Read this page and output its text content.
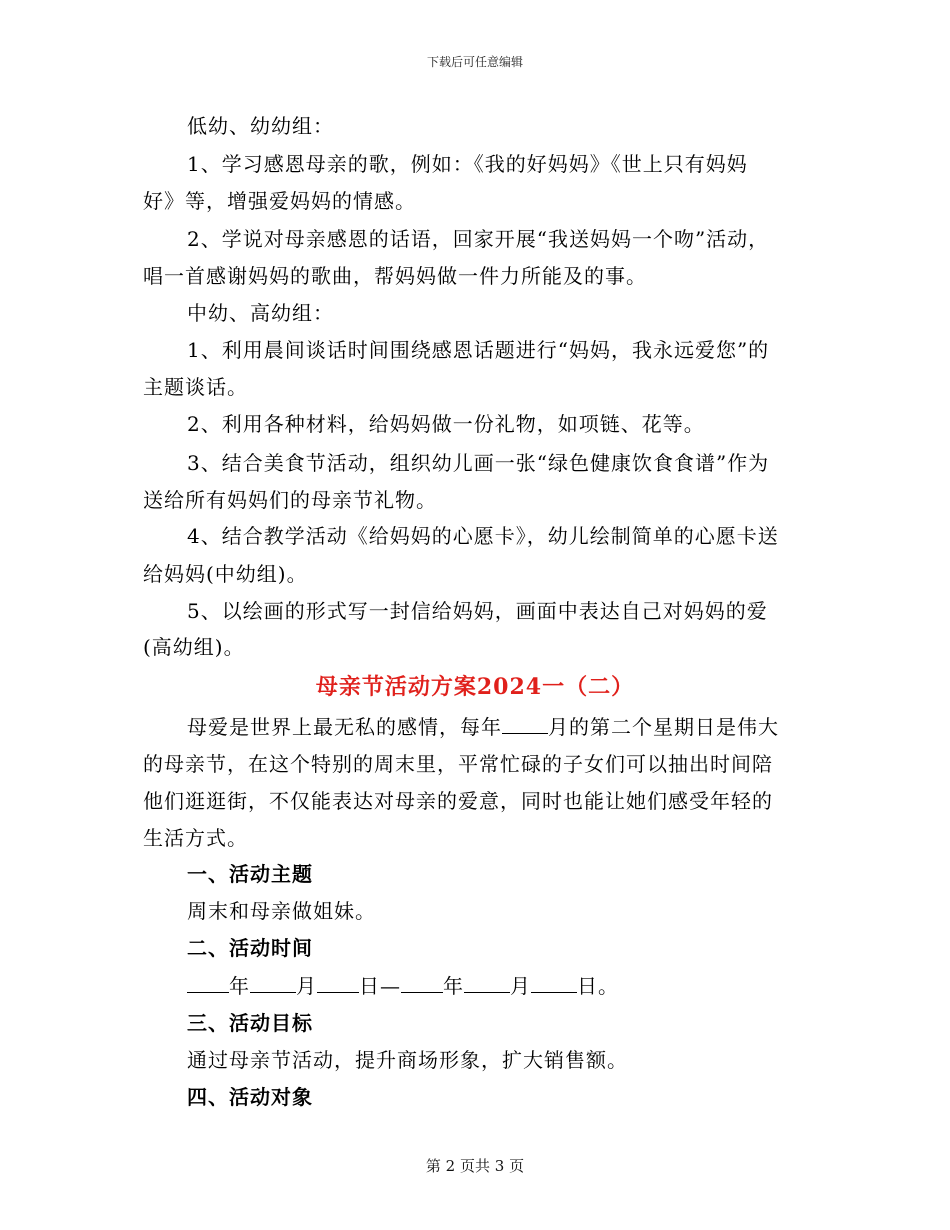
下载后可任意编辑
低幼、幼幼组：
1、学习感恩母亲的歌，例如：《我的好妈妈》《世上只有妈妈
好》等，增强爱妈妈的情感。
2、学说对母亲感恩的话语，回家开展“我送妈妈一个吻”活动，
唱一首感谢妈妈的歌曲，帮妈妈做一件力所能及的事。
中幼、高幼组：
1、利用晨间谈话时间围绕感恩话题进行“妈妈，我永远爱您”的
主题谈话。
2、利用各种材料，给妈妈做一份礼物，如项链、花等。
3、结合美食节活动，组织幼儿画一张“绿色健康饮食食谱”作为
送给所有妈妈们的母亲节礼物。
4、结合教学活动《给妈妈的心愿卡》，幼儿绘制简单的心愿卡送
给妈妈(中幼组)。
5、以绘画的形式写一封信给妈妈，画面中表达自己对妈妈的爱
(高幼组)。
母亲节活动方案2024一（二）
母爱是世界上最无私的感情，每年 月的第二个星期日是伟大
的母亲节，在这个特别的周末里，平常忙碌的子女们可以抽出时间陪
他们逛逛街，不仅能表达对母亲的爱意，同时也能让她们感受年轻的
生活方式。
一、活动主题
周末和母亲做姐妹。
二、活动时间
年 月 日— 年 月 日。
三、活动目标
通过母亲节活动，提升商场形象，扩大销售额。
四、活动对象
第 2 页共 3 页
